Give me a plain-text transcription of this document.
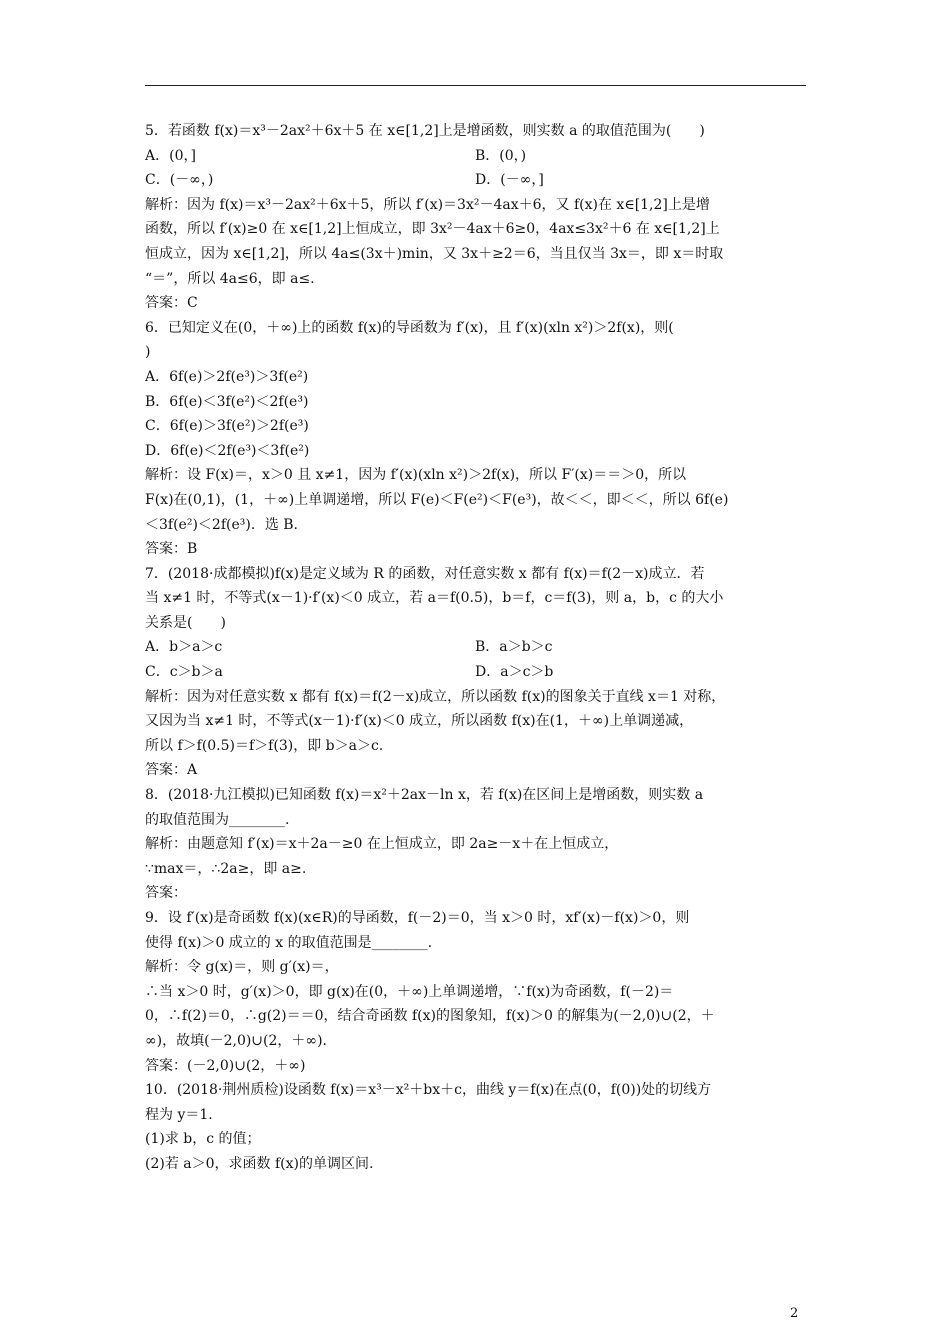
5．若函数 f(x)＝x³－2ax²＋6x＋5 在 x∈[1,2]上是增函数，则实数 a 的取值范围为(　　)
A．(0，]	B．(0，)
C．(－∞，)	D．(－∞，]
解析：因为 f(x)＝x³－2ax²＋6x＋5，所以 f′(x)＝3x²－4ax＋6，又 f(x)在 x∈[1,2]上是增
函数，所以 f′(x)≥0 在 x∈[1,2]上恒成立，即 3x²－4ax＋6≥0，4ax≤3x²＋6 在 x∈[1,2]上
恒成立，因为 x∈[1,2]，所以 4a≤(3x＋)min，又 3x＋≥2＝6，当且仅当 3x＝，即 x＝时取
“＝”，所以 4a≤6，即 a≤.
答案：C
6．已知定义在(0，＋∞)上的函数 f(x)的导函数为 f′(x)，且 f′(x)(xln x²)＞2f(x)，则(
)
A．6f(e)＞2f(e³)＞3f(e²)
B．6f(e)＜3f(e²)＜2f(e³)
C．6f(e)＞3f(e²)＞2f(e³)
D．6f(e)＜2f(e³)＜3f(e²)
解析：设 F(x)＝，x＞0 且 x≠1，因为 f′(x)(xln x²)＞2f(x)，所以 F′(x)＝＝＞0，所以
F(x)在(0,1)，(1，＋∞)上单调递增，所以 F(e)＜F(e²)＜F(e³)，故＜＜，即＜＜，所以 6f(e)
＜3f(e²)＜2f(e³)．选 B.
答案：B
7．(2018·成都模拟)f(x)是定义域为 R 的函数，对任意实数 x 都有 f(x)＝f(2－x)成立．若
当 x≠1 时，不等式(x－1)·f′(x)＜0 成立，若 a＝f(0.5)，b＝f，c＝f(3)，则 a，b，c 的大小
关系是(　　)
A．b＞a＞c	B．a＞b＞c
C．c＞b＞a	D．a＞c＞b
解析：因为对任意实数 x 都有 f(x)＝f(2－x)成立，所以函数 f(x)的图象关于直线 x＝1 对称，
又因为当 x≠1 时，不等式(x－1)·f′(x)＜0 成立，所以函数 f(x)在(1，＋∞)上单调递减，
所以 f＞f(0.5)＝f＞f(3)，即 b＞a＞c.
答案：A
8．(2018·九江模拟)已知函数 f(x)＝x²＋2ax－ln x，若 f(x)在区间上是增函数，则实数 a
的取值范围为________.
解析：由题意知 f′(x)＝x＋2a－≥0 在上恒成立，即 2a≥－x＋在上恒成立，
∵max＝，∴2a≥，即 a≥.
答案：
9．设 f′(x)是奇函数 f(x)(x∈R)的导函数，f(－2)＝0，当 x＞0 时，xf′(x)－f(x)＞0，则
使得 f(x)＞0 成立的 x 的取值范围是________.
解析：令 g(x)＝，则 g′(x)＝，
∴当 x＞0 时，g′(x)＞0，即 g(x)在(0，＋∞)上单调递增，∵f(x)为奇函数，f(－2)＝
0，∴f(2)＝0，∴g(2)＝＝0，结合奇函数 f(x)的图象知，f(x)＞0 的解集为(－2,0)∪(2，＋
∞)，故填(－2,0)∪(2，＋∞)．
答案：(－2,0)∪(2，＋∞)
10．(2018·荆州质检)设函数 f(x)＝x³－x²＋bx＋c，曲线 y＝f(x)在点(0，f(0))处的切线方
程为 y＝1.
(1)求 b，c 的值；
(2)若 a＞0，求函数 f(x)的单调区间.
2
